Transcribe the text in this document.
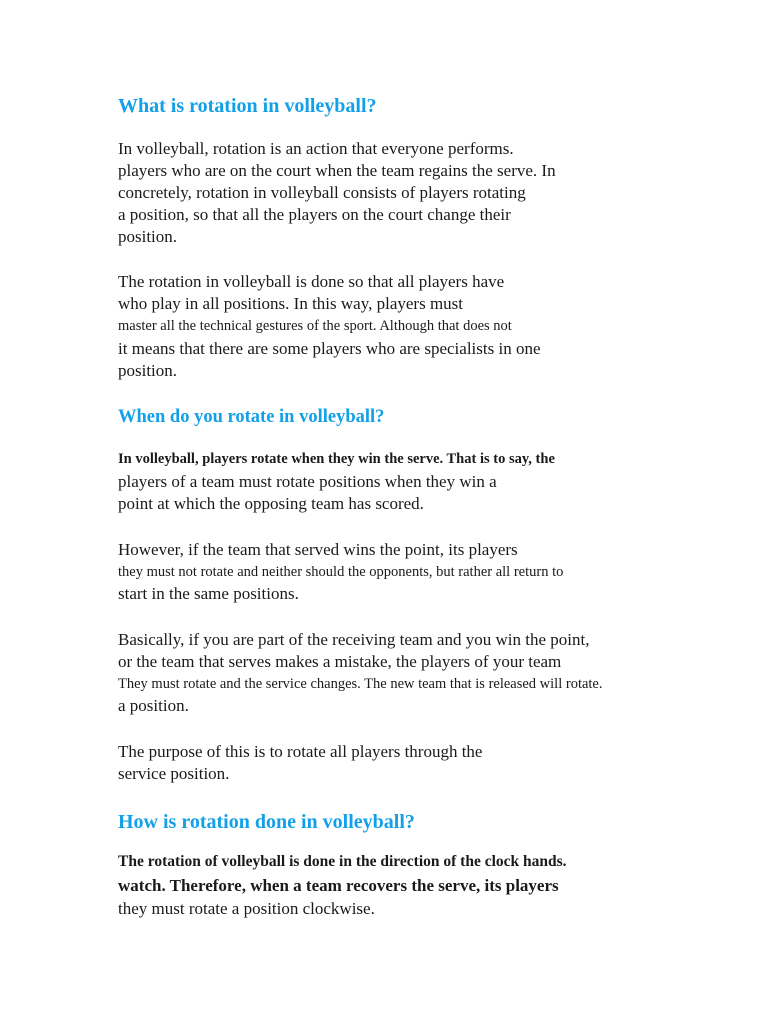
What is rotation in volleyball?
In volleyball, rotation is an action that everyone performs.
players who are on the court when the team regains the serve. In
concretely, rotation in volleyball consists of players rotating
a position, so that all the players on the court change their
position.
The rotation in volleyball is done so that all players have
who play in all positions. In this way, players must
master all the technical gestures of the sport. Although that does not
it means that there are some players who are specialists in one
position.
When do you rotate in volleyball?
In volleyball, players rotate when they win the serve. That is to say, the
players of a team must rotate positions when they win a
point at which the opposing team has scored.
However, if the team that served wins the point, its players
they must not rotate and neither should the opponents, but rather all return to
start in the same positions.
Basically, if you are part of the receiving team and you win the point,
or the team that serves makes a mistake, the players of your team
They must rotate and the service changes. The new team that is released will rotate.
a position.
The purpose of this is to rotate all players through the
service position.
How is rotation done in volleyball?
The rotation of volleyball is done in the direction of the clock hands.
watch. Therefore, when a team recovers the serve, its players
they must rotate a position clockwise.
